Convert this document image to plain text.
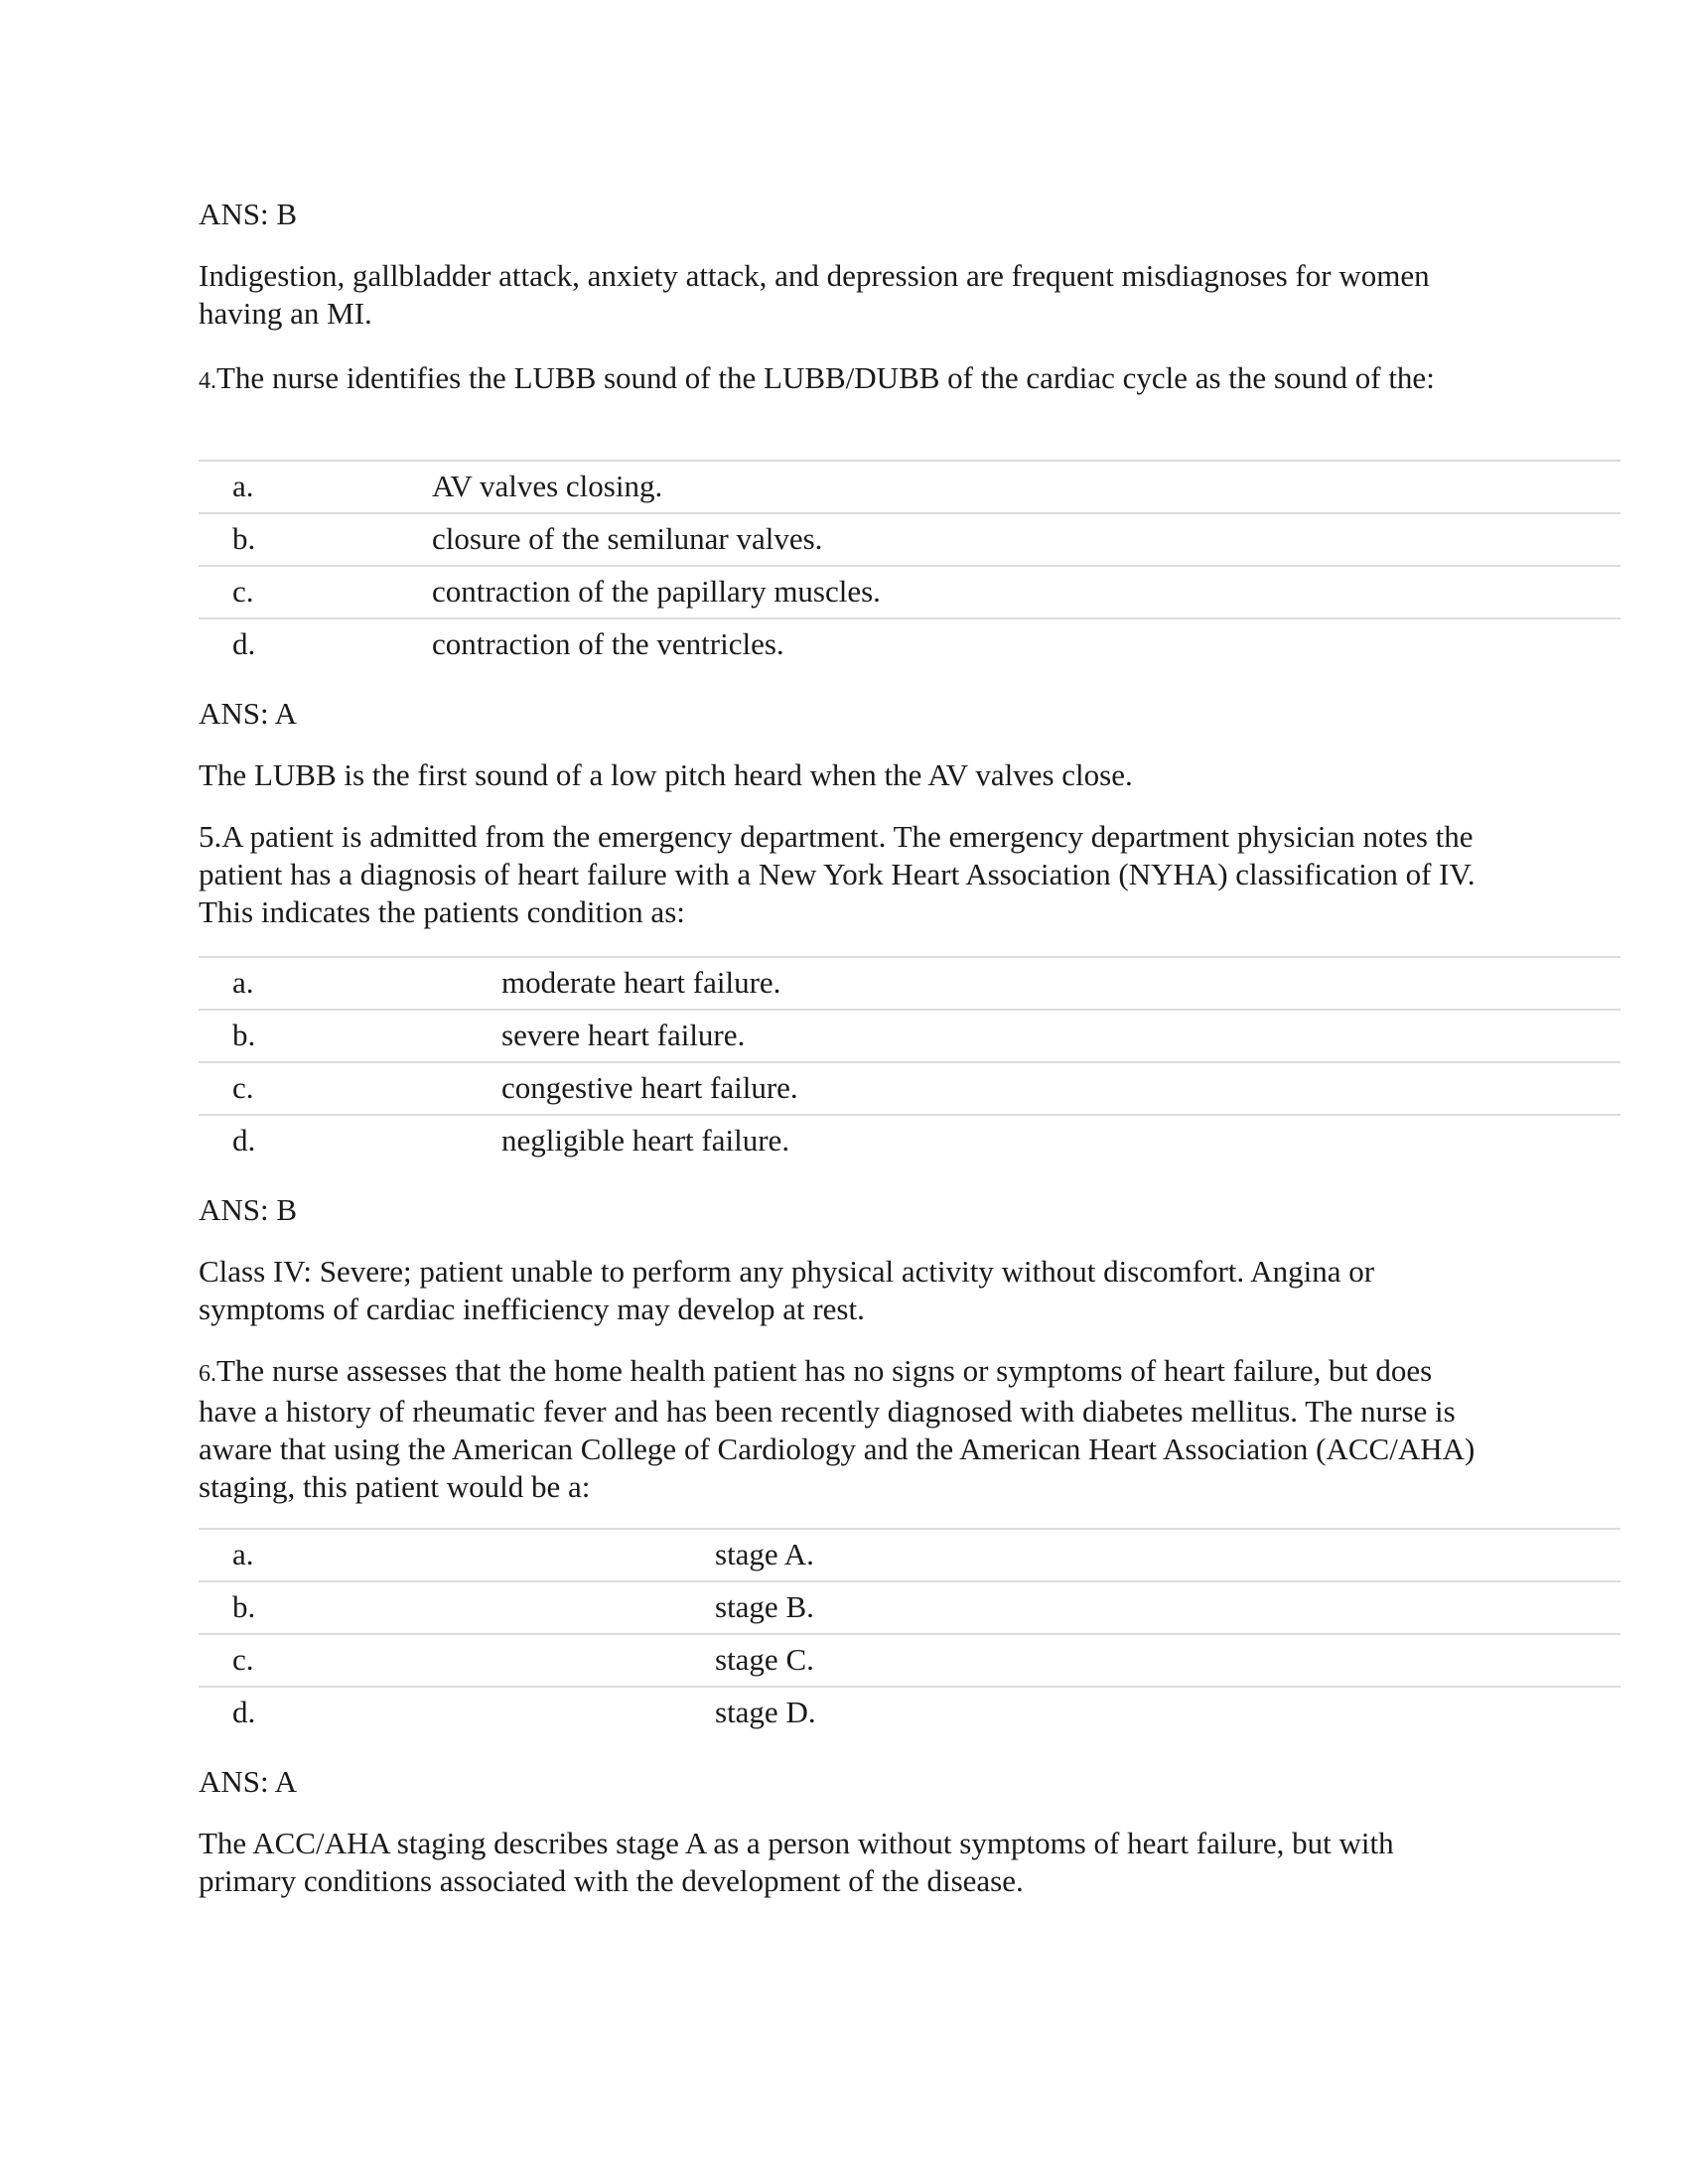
ANS: B

Indigestion, gallbladder attack, anxiety attack, and depression are frequent misdiagnoses for women having an MI.

4.The nurse identifies the LUBB sound of the LUBB/DUBB of the cardiac cycle as the sound of the:

a.	AV valves closing.
b.	closure of the semilunar valves.
c.	contraction of the papillary muscles.
d.	contraction of the ventricles.

ANS: A

The LUBB is the first sound of a low pitch heard when the AV valves close.

5.A patient is admitted from the emergency department. The emergency department physician notes the patient has a diagnosis of heart failure with a New York Heart Association (NYHA) classification of IV. This indicates the patients condition as:

a.	moderate heart failure.
b.	severe heart failure.
c.	congestive heart failure.
d.	negligible heart failure.

ANS: B

Class IV: Severe; patient unable to perform any physical activity without discomfort. Angina or symptoms of cardiac inefficiency may develop at rest.

6.The nurse assesses that the home health patient has no signs or symptoms of heart failure, but does have a history of rheumatic fever and has been recently diagnosed with diabetes mellitus. The nurse is aware that using the American College of Cardiology and the American Heart Association (ACC/AHA) staging, this patient would be a:

a.	stage A.
b.	stage B.
c.	stage C.
d.	stage D.

ANS: A

The ACC/AHA staging describes stage A as a person without symptoms of heart failure, but with primary conditions associated with the development of the disease.
